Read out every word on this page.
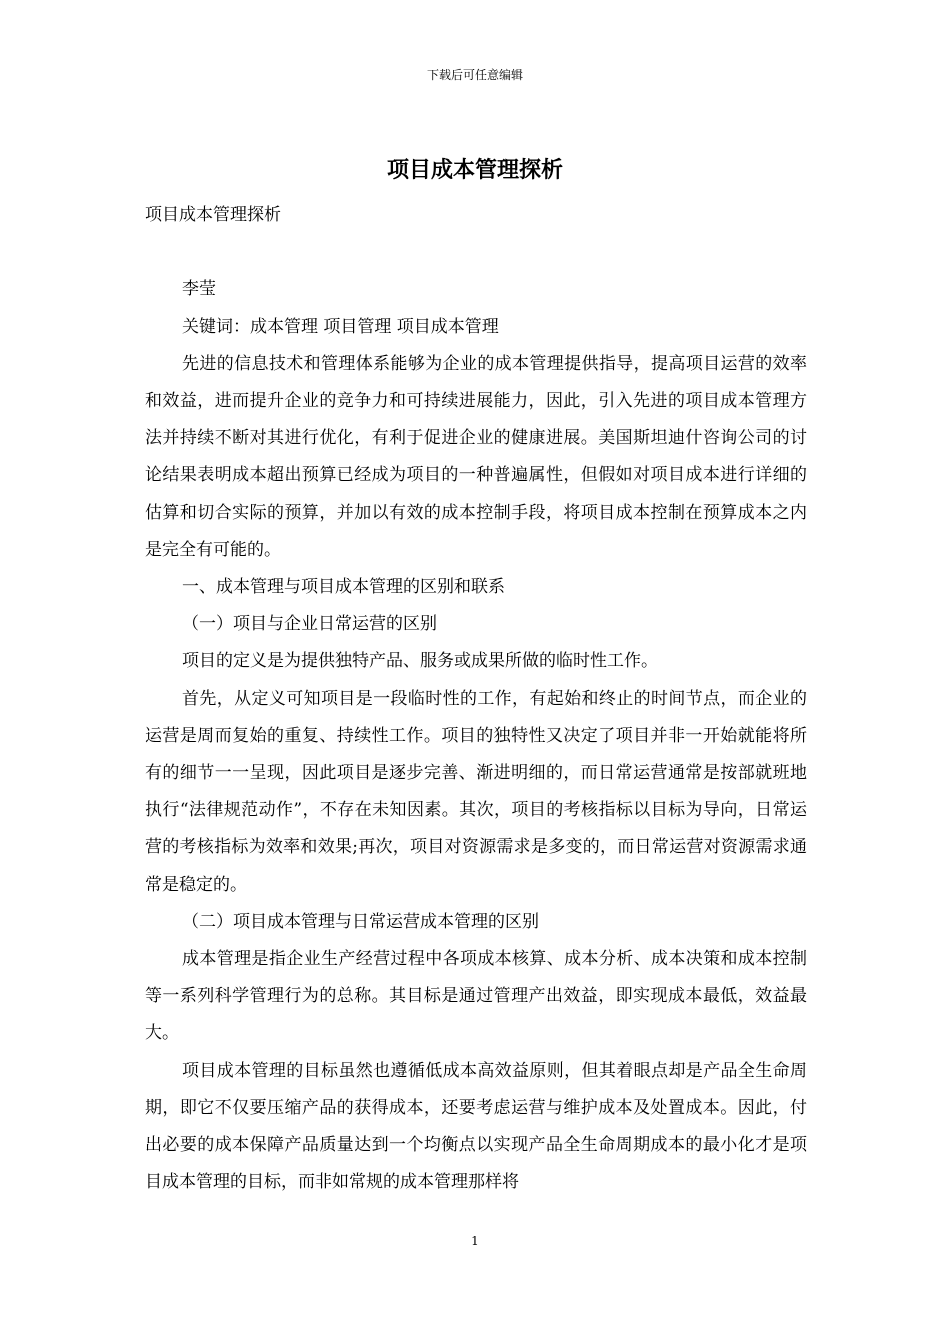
下载后可任意编辑
项目成本管理探析

项目成本管理探析

李莹

关键词：成本管理 项目管理 项目成本管理

先进的信息技术和管理体系能够为企业的成本管理提供指导，提高项目运营的效率和效益，进而提升企业的竞争力和可持续进展能力，因此，引入先进的项目成本管理方法并持续不断对其进行优化，有利于促进企业的健康进展。美国斯坦迪什咨询公司的讨论结果表明成本超出预算已经成为项目的一种普遍属性，但假如对项目成本进行详细的估算和切合实际的预算，并加以有效的成本控制手段，将项目成本控制在预算成本之内是完全有可能的。

一、成本管理与项目成本管理的区别和联系

（一）项目与企业日常运营的区别

项目的定义是为提供独特产品、服务或成果所做的临时性工作。

首先，从定义可知项目是一段临时性的工作，有起始和终止的时间节点，而企业的运营是周而复始的重复、持续性工作。项目的独特性又决定了项目并非一开始就能将所有的细节一一呈现，因此项目是逐步完善、渐进明细的，而日常运营通常是按部就班地执行“法律规范动作”，不存在未知因素。其次，项目的考核指标以目标为导向，日常运营的考核指标为效率和效果;再次，项目对资源需求是多变的，而日常运营对资源需求通常是稳定的。

（二）项目成本管理与日常运营成本管理的区别

成本管理是指企业生产经营过程中各项成本核算、成本分析、成本决策和成本控制等一系列科学管理行为的总称。其目标是通过管理产出效益，即实现成本最低，效益最大。

项目成本管理的目标虽然也遵循低成本高效益原则，但其着眼点却是产品全生命周期，即它不仅要压缩产品的获得成本，还要考虑运营与维护成本及处置成本。因此，付出必要的成本保障产品质量达到一个均衡点以实现产品全生命周期成本的最小化才是项目成本管理的目标，而非如常规的成本管理那样将

1
